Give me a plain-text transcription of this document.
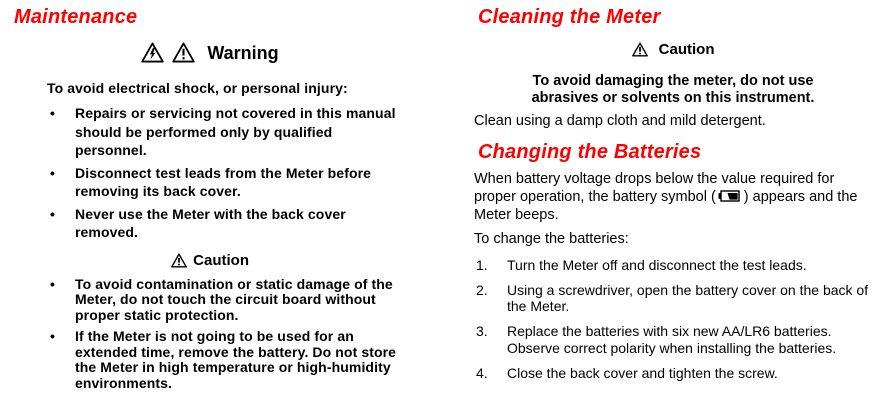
Maintenance
Warning
To avoid electrical shock, or personal injury:
•	Repairs or servicing not covered in this manual should be performed only by qualified personnel.
•	Disconnect test leads from the Meter before removing its back cover.
•	Never use the Meter with the back cover removed.
Caution
•	To avoid contamination or static damage of the Meter, do not touch the circuit board without proper static protection.
•	If the Meter is not going to be used for an extended time, remove the battery. Do not store the Meter in high temperature or high-humidity environments.
Cleaning the Meter
Caution
To avoid damaging the meter, do not use abrasives or solvents on this instrument.
Clean using a damp cloth and mild detergent.
Changing the Batteries
When battery voltage drops below the value required for proper operation, the battery symbol ( ) appears and the Meter beeps.
To change the batteries:
1.	Turn the Meter off and disconnect the test leads.
2.	Using a screwdriver, open the battery cover on the back of the Meter.
3.	Replace the batteries with six new AA/LR6 batteries. Observe correct polarity when installing the batteries.
4.	Close the back cover and tighten the screw.
